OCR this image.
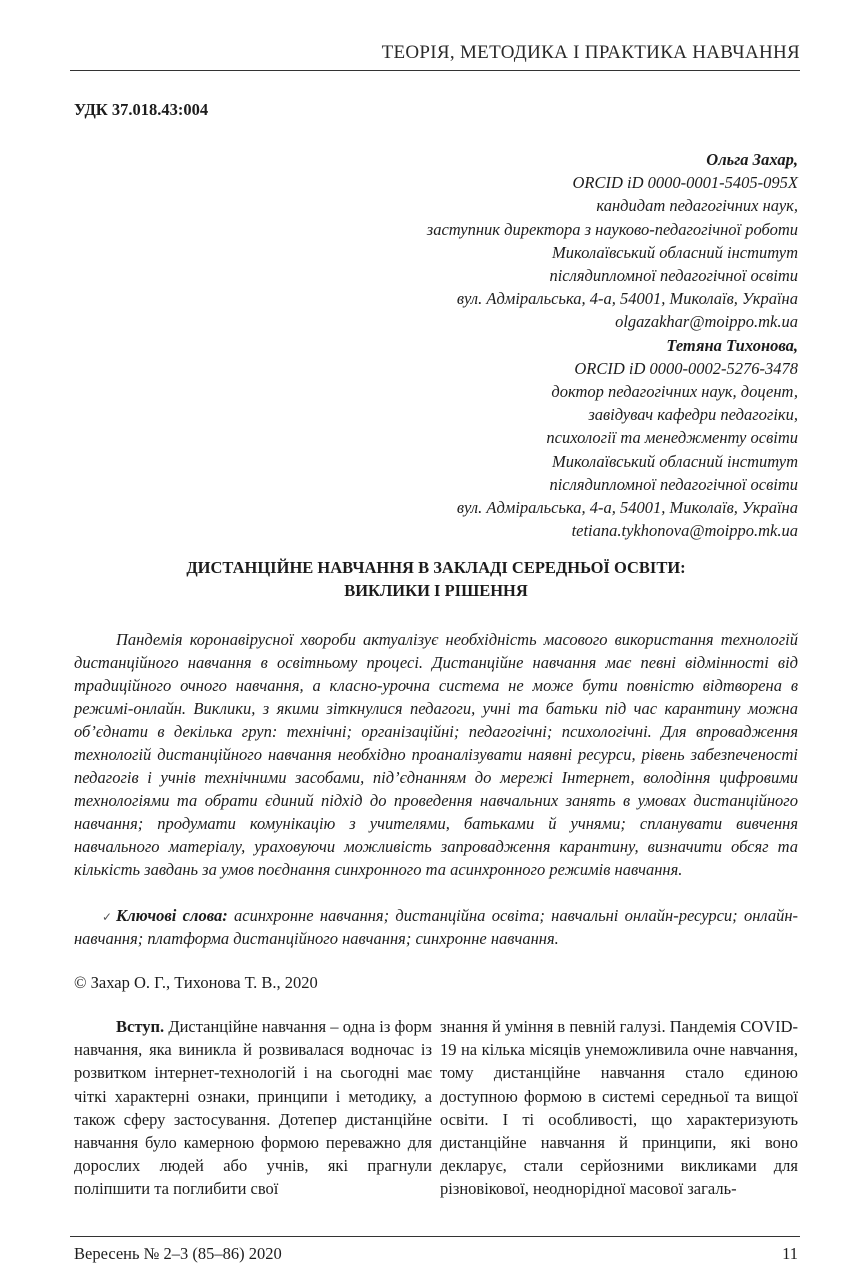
ТЕОРІЯ, МЕТОДИКА І ПРАКТИКА НАВЧАННЯ
УДК 37.018.43:004
Ольга Захар,
ORCID iD 0000-0001-5405-095X
кандидат педагогічних наук,
заступник директора з науково-педагогічної роботи
Миколаївський обласний інститут
післядипломної педагогічної освіти
вул. Адміральська, 4-а, 54001, Миколаїв, Україна
olgazakhar@moippo.mk.ua
Тетяна Тихонова,
ORCID iD 0000-0002-5276-3478
доктор педагогічних наук, доцент,
завідувач кафедри педагогіки,
психології та менеджменту освіти
Миколаївський обласний інститут
післядипломної педагогічної освіти
вул. Адміральська, 4-а, 54001, Миколаїв, Україна
tetiana.tykhonova@moippo.mk.ua
ДИСТАНЦІЙНЕ НАВЧАННЯ В ЗАКЛАДІ СЕРЕДНЬОЇ ОСВІТИ:
ВИКЛИКИ І РІШЕННЯ
Пандемія коронавірусної хвороби актуалізує необхідність масового використання технологій дистанційного навчання в освітньому процесі. Дистанційне навчання має певні відмінності від традиційного очного навчання, а класно-урочна система не може бути повністю відтворена в режимі-онлайн. Виклики, з якими зіткнулися педагоги, учні та батьки під час карантину можна об’єднати в декілька груп: технічні; організаційні; педагогічні; психологічні. Для впровадження технологій дистанційного навчання необхідно проаналізувати наявні ресурси, рівень забезпеченості педагогів і учнів технічними засобами, під’єднанням до мережі Інтернет, володіння цифровими технологіями та обрати єдиний підхід до проведення навчальних занять в умовах дистанційного навчання; продумати комунікацію з учителями, батьками й учнями; спланувати вивчення навчального матеріалу, ураховуючи можливість запровадження карантину, визначити обсяг та кількість завдань за умов поєднання синхронного та асинхронного режимів навчання.
✓ Ключові слова: асинхронне навчання; дистанційна освіта; навчальні онлайн-ресурси; онлайн-навчання; платформа дистанційного навчання; синхронне навчання.
© Захар О. Г., Тихонова Т. В., 2020
Вступ. Дистанційне навчання – одна із форм навчання, яка виникла й розвивалася водночас із розвитком інтернет-технологій і на сьогодні має чіткі характерні ознаки, принципи і методику, а також сферу застосування. Дотепер дистанційне навчання було камерною формою переважно для дорослих людей або учнів, які прагнули поліпшити та поглибити свої
знання й уміння в певній галузі. Пандемія COVID-19 на кілька місяців унеможливила очне навчання, тому дистанційне навчання стало єдиною доступною формою в системі середньої та вищої освіти. І ті особливості, що характеризують дистанційне навчання й принципи, які воно декларує, стали серйозними викликами для різновікової, неоднорідної масової загаль-
Вересень № 2–3 (85–86) 2020	11
